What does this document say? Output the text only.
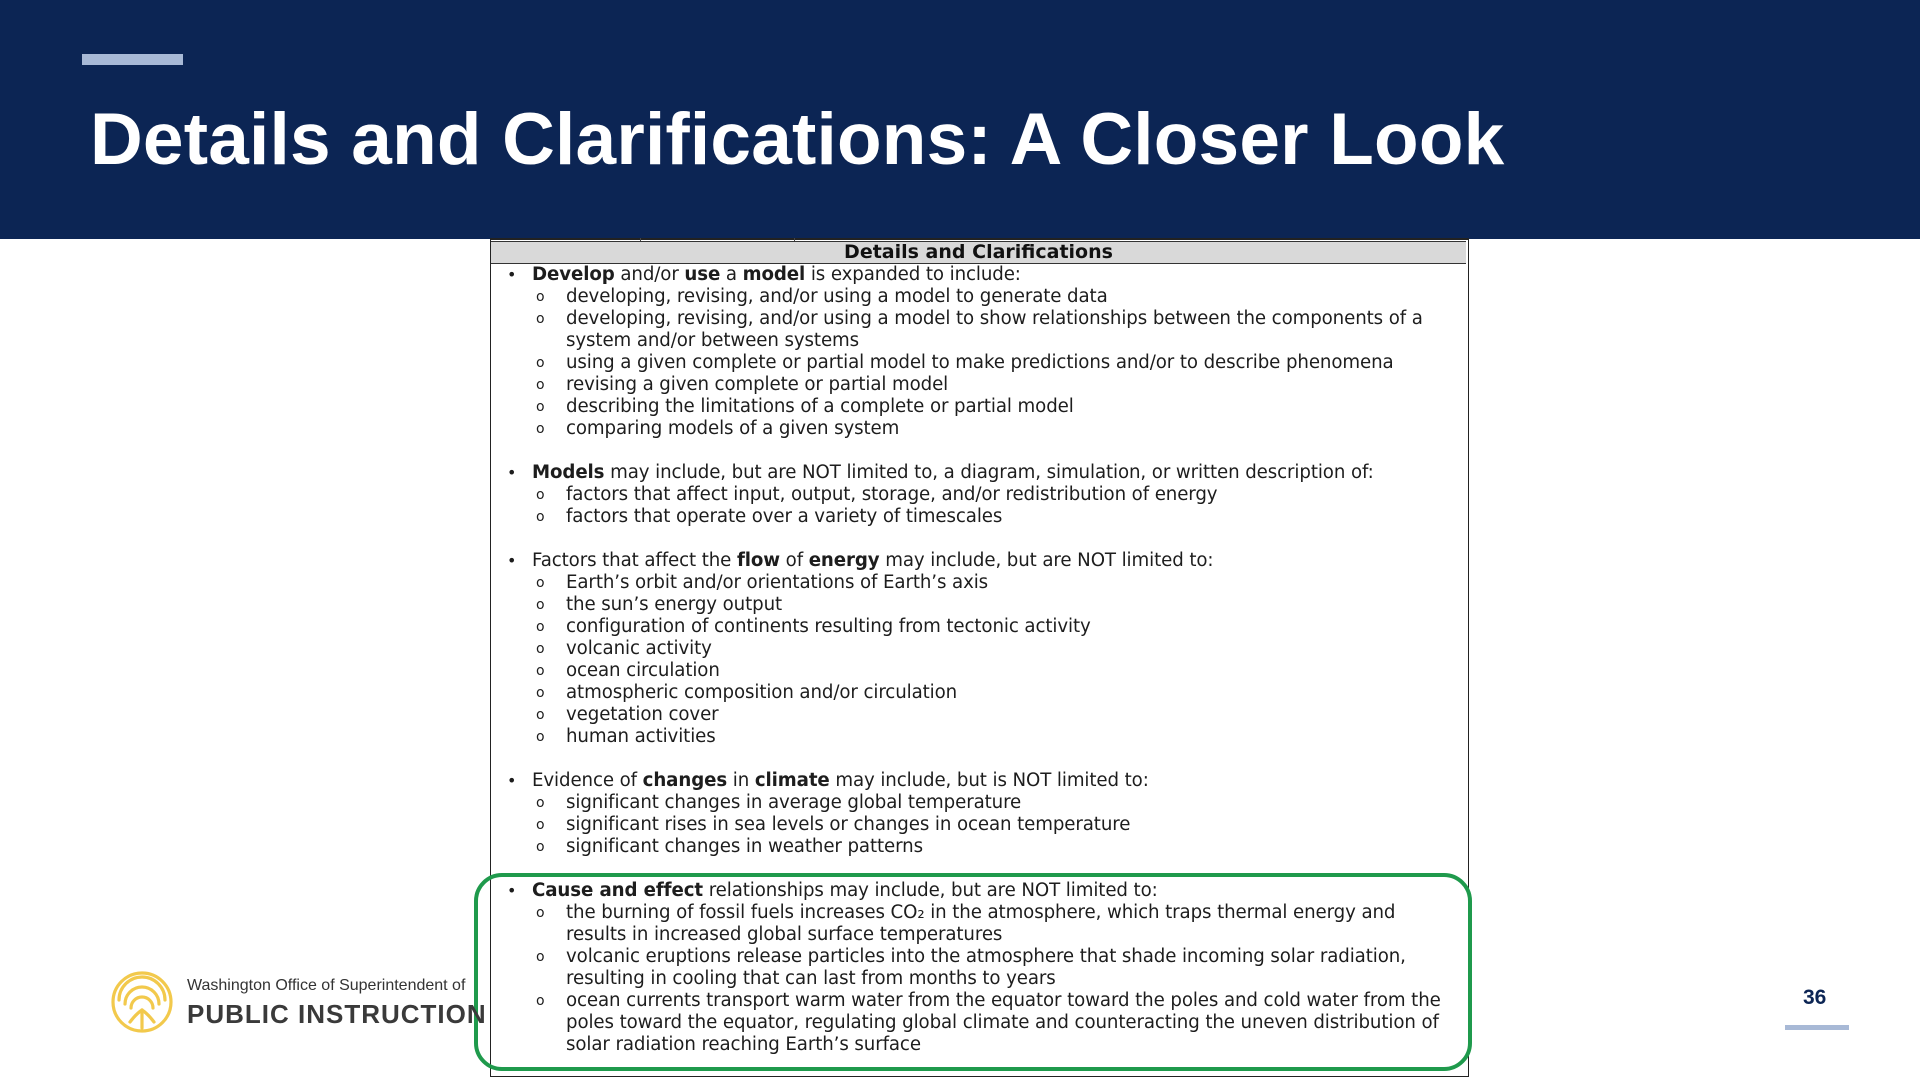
Details and Clarifications: A Closer Look
Details and Clarifications
• Develop and/or use a model is expanded to include:
o developing, revising, and/or using a model to generate data
o developing, revising, and/or using a model to show relationships between the components of a
system and/or between systems
o using a given complete or partial model to make predictions and/or to describe phenomena
o revising a given complete or partial model
o describing the limitations of a complete or partial model
o comparing models of a given system
• Models may include, but are NOT limited to, a diagram, simulation, or written description of:
o factors that affect input, output, storage, and/or redistribution of energy
o factors that operate over a variety of timescales
• Factors that affect the flow of energy may include, but are NOT limited to:
o Earth’s orbit and/or orientations of Earth’s axis
o the sun’s energy output
o configuration of continents resulting from tectonic activity
o volcanic activity
o ocean circulation
o atmospheric composition and/or circulation
o vegetation cover
o human activities
• Evidence of changes in climate may include, but is NOT limited to:
o significant changes in average global temperature
o significant rises in sea levels or changes in ocean temperature
o significant changes in weather patterns
• Cause and effect relationships may include, but are NOT limited to:
o the burning of fossil fuels increases CO₂ in the atmosphere, which traps thermal energy and
results in increased global surface temperatures
o volcanic eruptions release particles into the atmosphere that shade incoming solar radiation,
resulting in cooling that can last from months to years
o ocean currents transport warm water from the equator toward the poles and cold water from the
poles toward the equator, regulating global climate and counteracting the uneven distribution of
solar radiation reaching Earth’s surface
Washington Office of Superintendent of
PUBLIC INSTRUCTION
36
